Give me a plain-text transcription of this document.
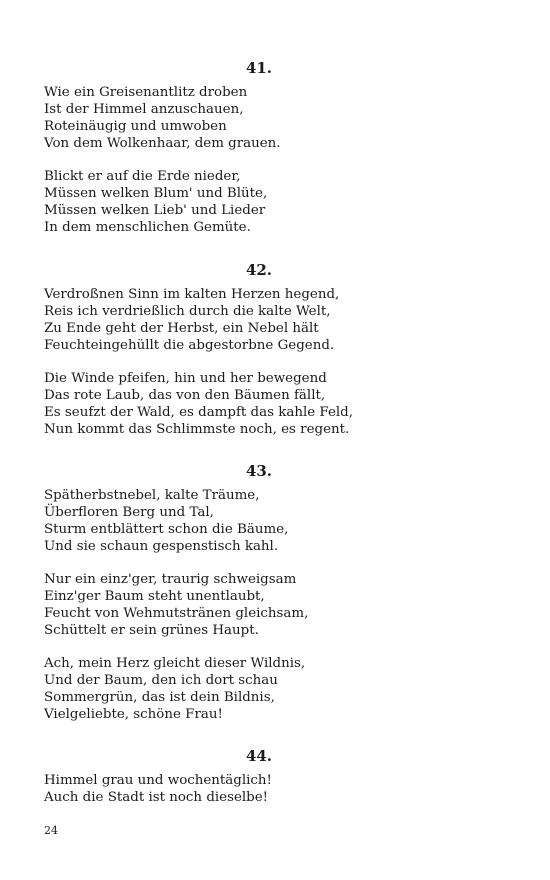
41.

Wie ein Greisenantlitz droben
Ist der Himmel anzuschauen,
Roteinäugig und umwoben
Von dem Wolkenhaar, dem grauen.

Blickt er auf die Erde nieder,
Müssen welken Blum' und Blüte,
Müssen welken Lieb' und Lieder
In dem menschlichen Gemüte.

42.

Verdroßnen Sinn im kalten Herzen hegend,
Reis ich verdrießlich durch die kalte Welt,
Zu Ende geht der Herbst, ein Nebel hält
Feuchteingehüllt die abgestorbne Gegend.

Die Winde pfeifen, hin und her bewegend
Das rote Laub, das von den Bäumen fällt,
Es seufzt der Wald, es dampft das kahle Feld,
Nun kommt das Schlimmste noch, es regent.

43.

Spätherbstnebel, kalte Träume,
Überfloren Berg und Tal,
Sturm entblättert schon die Bäume,
Und sie schaun gespenstisch kahl.

Nur ein einz'ger, traurig schweigsam
Einz'ger Baum steht unentlaubt,
Feucht von Wehmutstränen gleichsam,
Schüttelt er sein grünes Haupt.

Ach, mein Herz gleicht dieser Wildnis,
Und der Baum, den ich dort schau
Sommergrün, das ist dein Bildnis,
Vielgeliebte, schöne Frau!

44.

Himmel grau und wochentäglich!
Auch die Stadt ist noch dieselbe!

24
